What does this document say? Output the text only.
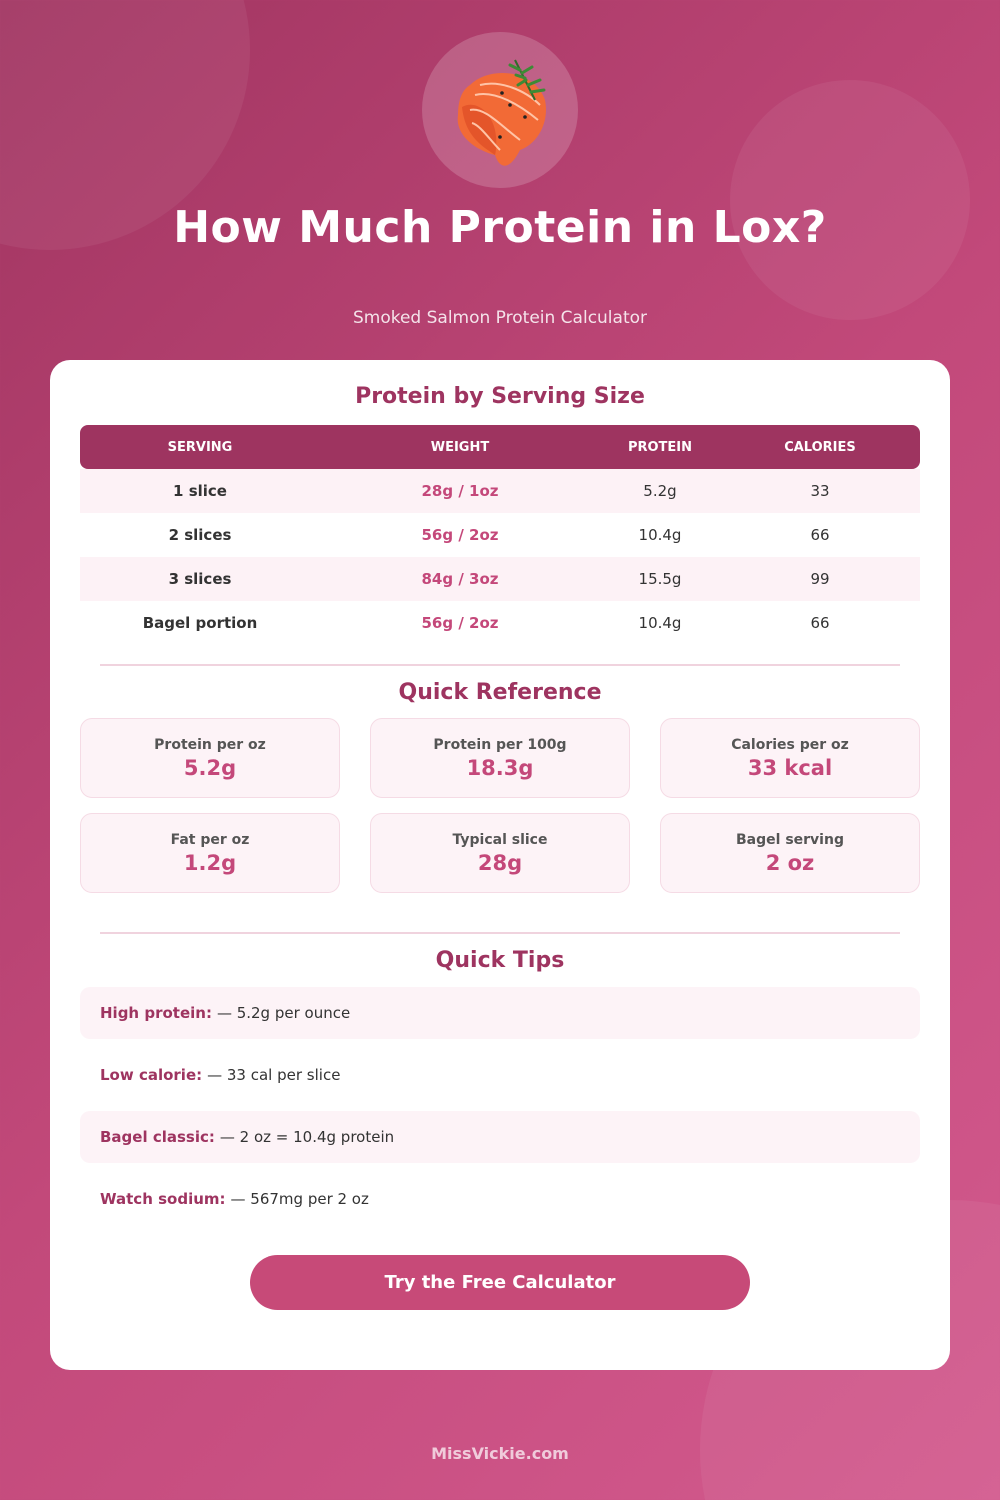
How Much Protein in Lox?
Smoked Salmon Protein Calculator
Protein by Serving Size
SERVING	WEIGHT	PROTEIN	CALORIES
1 slice	28g / 1oz	5.2g	33
2 slices	56g / 2oz	10.4g	66
3 slices	84g / 3oz	15.5g	99
Bagel portion	56g / 2oz	10.4g	66
Quick Reference
Protein per oz
5.2g
Protein per 100g
18.3g
Calories per oz
33 kcal
Fat per oz
1.2g
Typical slice
28g
Bagel serving
2 oz
Quick Tips
High protein: — 5.2g per ounce
Low calorie: — 33 cal per slice
Bagel classic: — 2 oz = 10.4g protein
Watch sodium: — 567mg per 2 oz
Try the Free Calculator
MissVickie.com
